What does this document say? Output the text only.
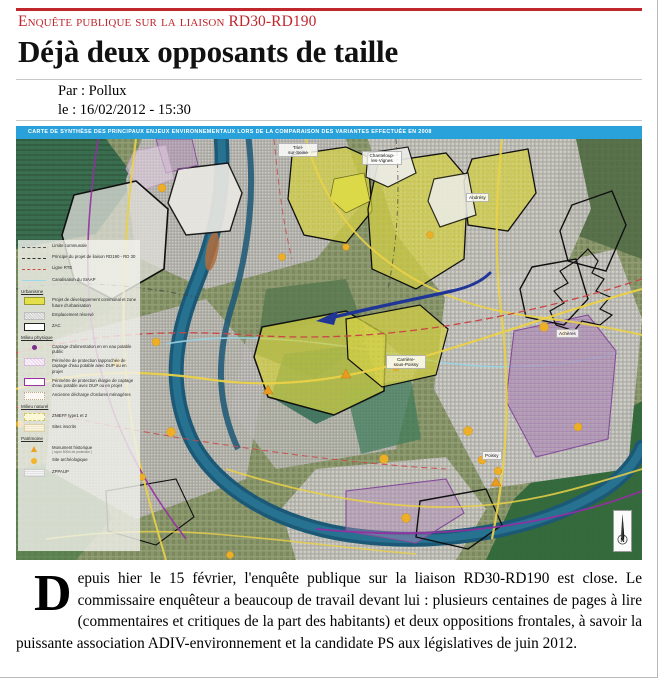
Enquête publique sur la liaison RD30-RD190
Déjà deux opposants de taille
Par : Pollux
le : 16/02/2012 - 15:30
CARTE DE SYNTHÈSE DES PRINCIPAUX ENJEUX ENVIRONNEMENTAUX LORS DE LA COMPARAISON DES VARIANTES EFFECTUÉE EN 2008
Triel-
sur-Seine	Chanteloup-
les-Vignes
Andrésy
Achères
Carrière-
sous-Poissy
Poissy
N
Limite communale
Principe du projet de liaison RD190 - RD 30
Ligne RTE
Canalisation du SIAAP
Urbanisme
Projet de développement communal et zone future d'urbanisation
Emplacement réservé
ZAC
Milieu physique
Captage d'alimentation en en eau potable public
Périmètre de protection rapprochée de captage d'eau potable avec DUP ou en projet
Périmètre de protection élargie de captage d'eau potable avec DUP ou en projet
Ancienne décharge d'ordures ménagères
Milieu naturel
ZNIEFF type1 et 2
Sites inscrits
Patrimoine
Monument historique
( rayon 500m de protection )
Site archéologique
ZPPAUP
Depuis hier le 15 février, l'enquête publique sur la liaison RD30-RD190 est close. Le commissaire enquêteur a beaucoup de travail devant lui : plusieurs centaines de pages à lire (commentaires et critiques de la part des habitants) et deux oppositions frontales, à savoir la puissante association ADIV-environnement et la candidate PS aux législatives de juin 2012.
